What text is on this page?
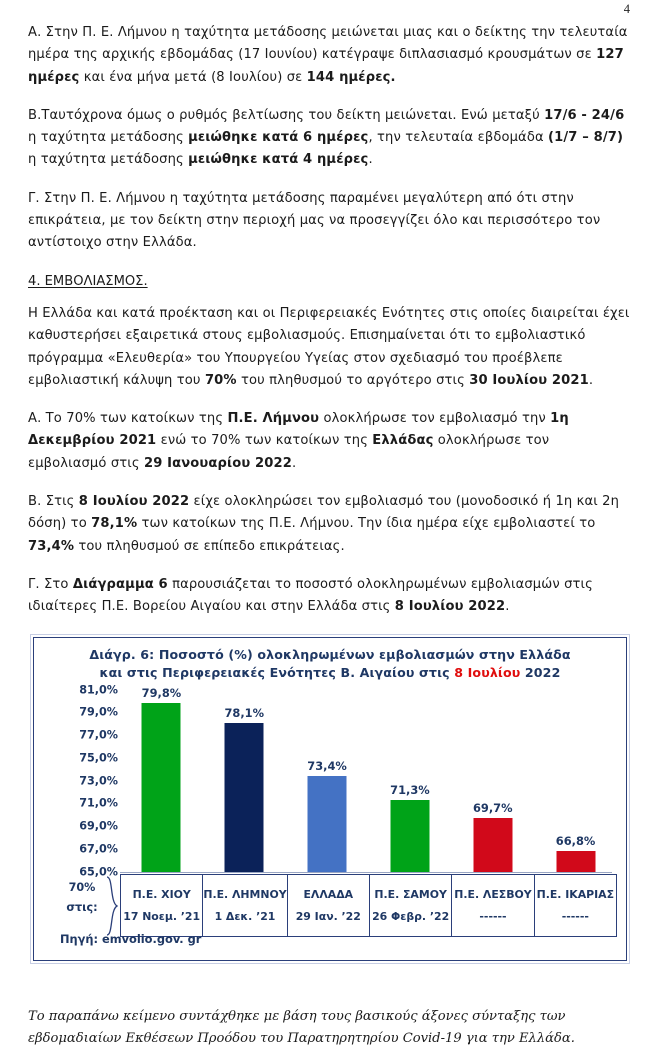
4

Α. Στην Π. Ε. Λήμνου η ταχύτητα μετάδοσης μειώνεται μιας και ο δείκτης την τελευταία ημέρα της αρχικής εβδομάδας (17 Ιουνίου) κατέγραψε διπλασιασμό κρουσμάτων σε 127 ημέρες και ένα μήνα μετά (8 Ιουλίου) σε 144 ημέρες.

Β.Ταυτόχρονα όμως ο ρυθμός βελτίωσης του δείκτη μειώνεται. Ενώ μεταξύ 17/6 - 24/6 η ταχύτητα μετάδοσης μειώθηκε κατά 6 ημέρες, την τελευταία εβδομάδα (1/7 – 8/7) η ταχύτητα μετάδοσης μειώθηκε κατά 4 ημέρες.

Γ. Στην Π. Ε. Λήμνου η ταχύτητα μετάδοσης παραμένει μεγαλύτερη από ότι στην επικράτεια, με τον δείκτη στην περιοχή μας να προσεγγίζει όλο και περισσότερο τον αντίστοιχο στην Ελλάδα.

4. ΕΜΒΟΛΙΑΣΜΟΣ.

Η Ελλάδα και κατά προέκταση και οι Περιφερειακές Ενότητες στις οποίες διαιρείται έχει καθυστερήσει εξαιρετικά στους εμβολιασμούς. Επισημαίνεται ότι το εμβολιαστικό πρόγραμμα «Ελευθερία» του Υπουργείου Υγείας στον σχεδιασμό του προέβλεπε εμβολιαστική κάλυψη του 70% του πληθυσμού το αργότερο στις 30 Ιουλίου 2021.

Α. Το 70% των κατοίκων της Π.Ε. Λήμνου ολοκλήρωσε τον εμβολιασμό την 1η Δεκεμβρίου 2021 ενώ το 70% των κατοίκων της Ελλάδας ολοκλήρωσε τον εμβολιασμό στις 29 Ιανουαρίου 2022.

Β. Στις 8 Ιουλίου 2022 είχε ολοκληρώσει τον εμβολιασμό του (μονοδοσικό ή 1η και 2η δόση) το 78,1% των κατοίκων της Π.Ε. Λήμνου. Την ίδια ημέρα είχε εμβολιαστεί το 73,4% του πληθυσμού σε επίπεδο επικράτειας.

Γ. Στο Διάγραμμα 6 παρουσιάζεται το ποσοστό ολοκληρωμένων εμβολιασμών στις ιδιαίτερες Π.Ε. Βορείου Αιγαίου και στην Ελλάδα στις 8 Ιουλίου 2022.

Διάγρ. 6: Ποσοστό (%) ολοκληρωμένων εμβολιασμών στην Ελλάδα
και στις Περιφερειακές Ενότητες Β. Αιγαίου στις 8 Ιουλίου 2022
81,0%
79,0%
77,0%
75,0%
73,0%
71,0%
69,0%
67,0%
65,0%
79,8%
78,1%
73,4%
71,3%
69,7%
66,8%
70%
στις:
Π.Ε. ΧΙΟΥ
17 Νοεμ. ’21
Π.Ε. ΛΗΜΝΟΥ
1 Δεκ. ’21
ΕΛΛΑΔΑ
29 Ιαν. ’22
Π.Ε. ΣΑΜΟΥ
26 Φεβρ. ’22
Π.Ε. ΛΕΣΒΟΥ
------
Π.Ε. ΙΚΑΡΙΑΣ
------
Πηγή: emvolio.gov. gr

Το παραπάνω κείμενο συντάχθηκε με βάση τους βασικούς άξονες σύνταξης των εβδομαδιαίων Εκθέσεων Προόδου του Παρατηρητηρίου Covid-19 για την Ελλάδα.
